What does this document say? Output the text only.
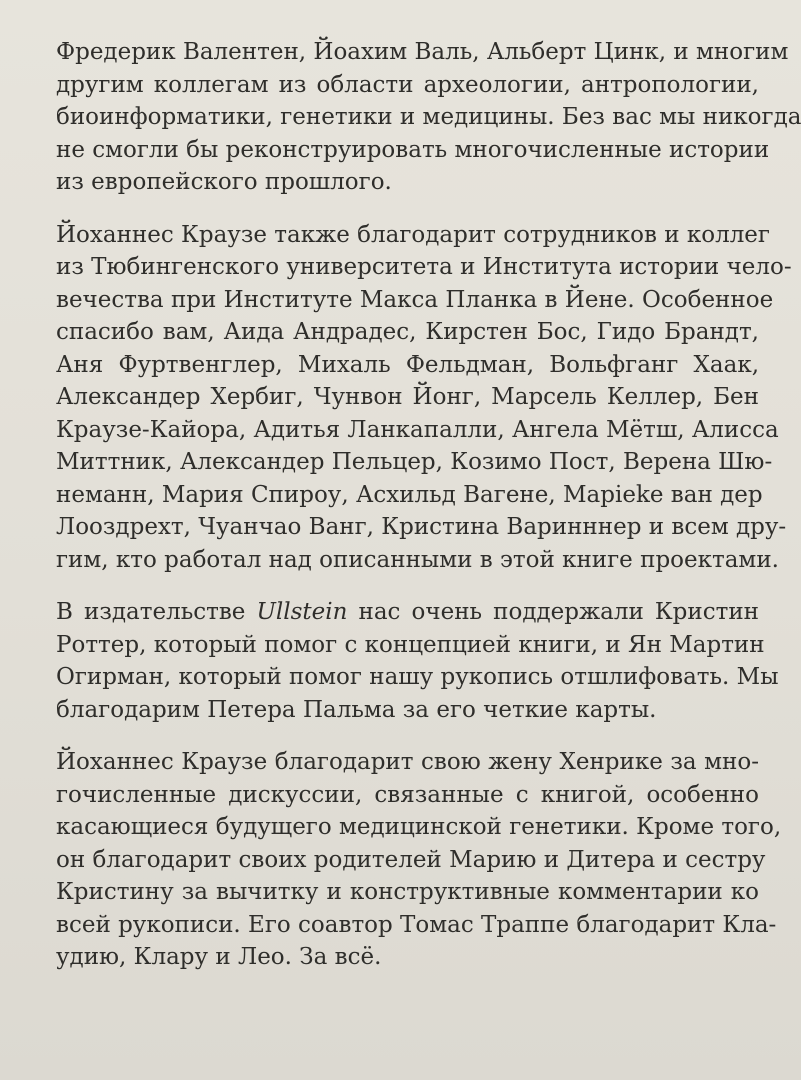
Фредерик Валентен, Йоахим Валь, Альберт Цинк, и многим
другим коллегам из области археологии, антропологии,
биоинформатики, генетики и медицины. Без вас мы никогда
не смогли бы реконструировать многочисленные истории
из европейского прошлого.

Йоханнес Краузе также благодарит сотрудников и коллег
из Тюбингенского университета и Института истории чело-
вечества при Институте Макса Планка в Йене. Особенное
спасибо вам, Аида Андрадес, Кирстен Бос, Гидо Брандт,
Аня Фуртвенглер, Михаль Фельдман, Вольфганг Хаак,
Александер Хербиг, Чунвон Йонг, Марсель Келлер, Бен
Краузе-Кайора, Адитья Ланкапалли, Ангела Мётш, Алисса
Миттник, Александер Пельцер, Козимо Пост, Верена Шю-
неманн, Мария Спироу, Асхильд Вагене, Марieke ван дер
Лоoздрехт, Чуанчао Ванг, Кристина Варинннер и всем дру-
гим, кто работал над описанными в этой книге проектами.

В издательстве Ullstein нас очень поддержали Кристин
Роттер, который помог с концепцией книги, и Ян Мартин
Огирман, который помог нашу рукопись отшлифовать. Мы
благодарим Петера Пальма за его четкие карты.

Йоханнес Краузе благодарит свою жену Хенрике за мно-
гочисленные дискуссии, связанные с книгой, особенно
касающиеся будущего медицинской генетики. Кроме того,
он благодарит своих родителей Марию и Дитера и сестру
Кристину за вычитку и конструктивные комментарии ко
всей рукописи. Его соавтор Томас Траппе благодарит Кла-
удию, Клару и Лео. За всё.
